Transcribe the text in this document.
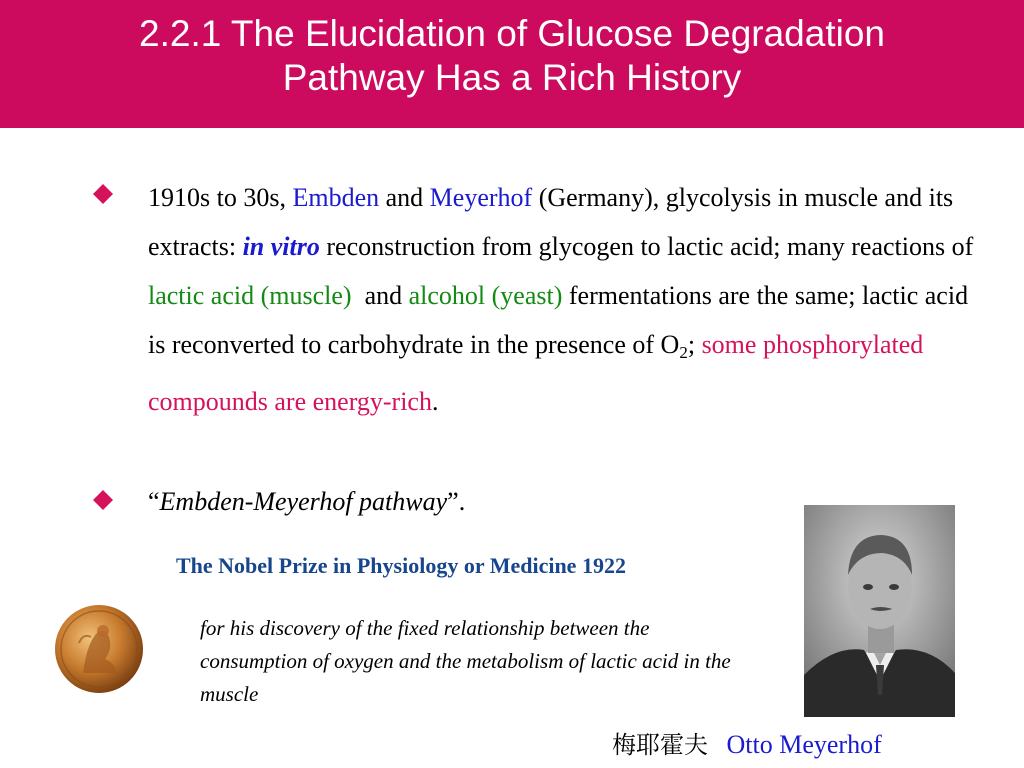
2.2.1 The Elucidation of Glucose Degradation
Pathway Has a Rich History
1910s to 30s, Embden and Meyerhof (Germany), glycolysis in muscle and its extracts: in vitro reconstruction from glycogen to lactic acid; many reactions of lactic acid (muscle)  and alcohol (yeast) fermentations are the same; lactic acid is reconverted to carbohydrate in the presence of $O_2$; some phosphorylated compounds are energy-rich.
“Embden-Meyerhof pathway”.
The Nobel Prize in Physiology or Medicine 1922
for his discovery of the fixed relationship between the consumption of oxygen and the metabolism of lactic acid in the muscle
梅耶霍夫 Otto Meyerhof
